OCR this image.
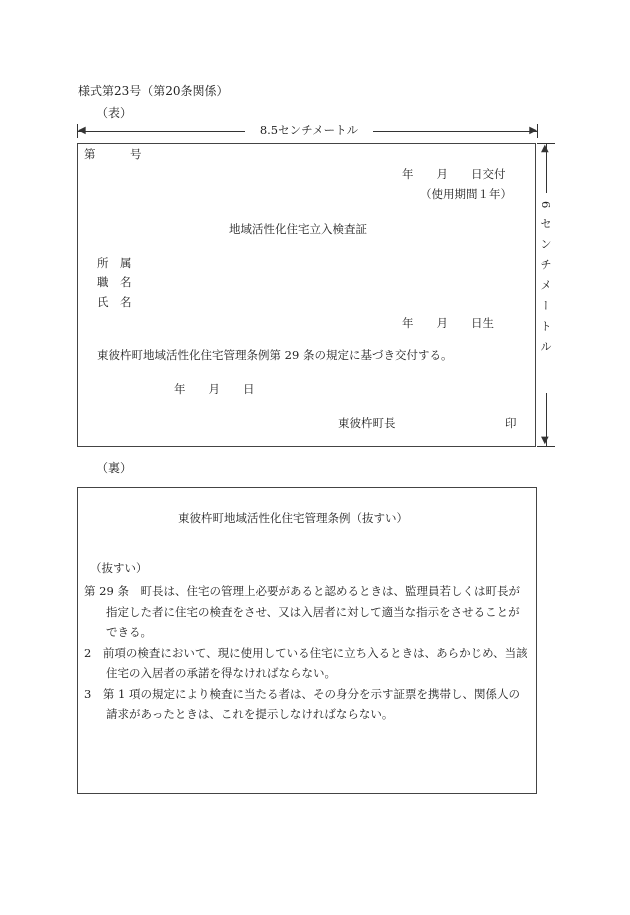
様式第23号（第20条関係）
（表）
◀	8.5センチメートル	▶
第　　　号
年　　月　　日交付
（使用期間１年）
地域活性化住宅立入検査証
所　属
職　名
氏　名
年　　月　　日生
東彼杵町地域活性化住宅管理条例第 29 条の規定に基づき交付する。
年　　月　　日
東彼杵町長	印
▲
6センチメートル
▼
（裏）
東彼杵町地域活性化住宅管理条例（抜すい）
（抜すい）
第 29 条　町長は、住宅の管理上必要があると認めるときは、監理員若しくは町長が指定した者に住宅の検査をさせ、又は入居者に対して適当な指示をさせることができる。
2　前項の検査において、現に使用している住宅に立ち入るときは、あらかじめ、当該住宅の入居者の承諾を得なければならない。
3　第 1 項の規定により検査に当たる者は、その身分を示す証票を携帯し、関係人の請求があったときは、これを提示しなければならない。
